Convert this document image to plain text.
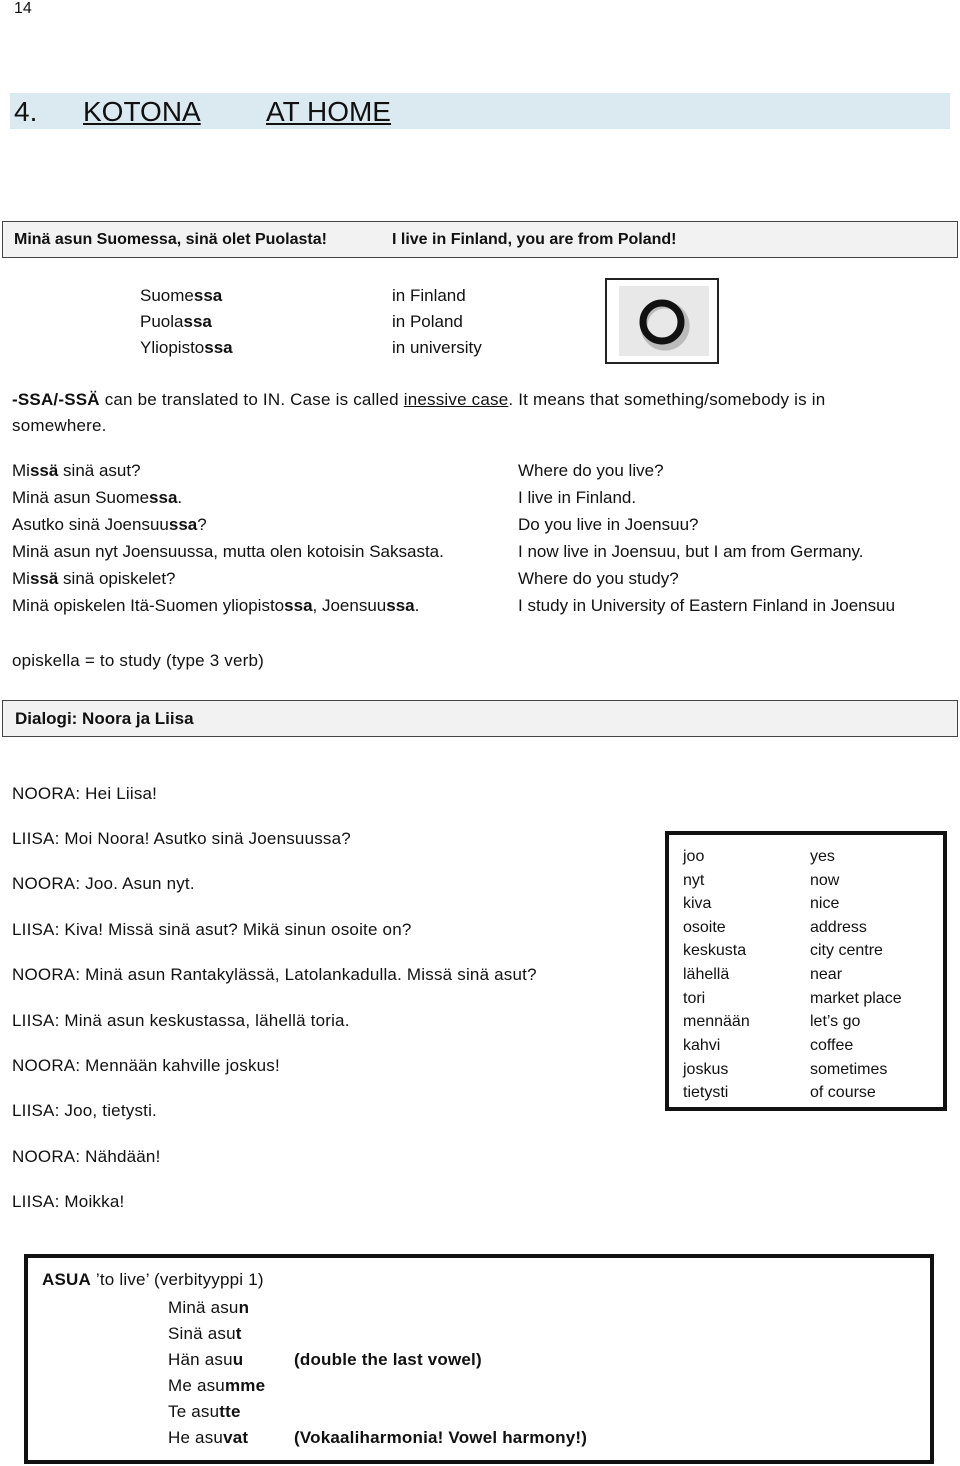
14
4. KOTONA AT HOME
Minä asun Suomessa, sinä olet Puolasta!	I live in Finland, you are from Poland!
Suomessa	in Finland
Puolassa	in Poland
Yliopistossa	in university
-SSA/-SSÄ can be translated to IN. Case is called inessive case. It means that something/somebody is in
somewhere.
Missä sinä asut?	Where do you live?
Minä asun Suomessa.	I live in Finland.
Asutko sinä Joensuussa?	Do you live in Joensuu?
Minä asun nyt Joensuussa, mutta olen kotoisin Saksasta.	I now live in Joensuu, but I am from Germany.
Missä sinä opiskelet?	Where do you study?
Minä opiskelen Itä-Suomen yliopistossa, Joensuussa.	I study in University of Eastern Finland in Joensuu
opiskella = to study (type 3 verb)
Dialogi: Noora ja Liisa
NOORA: Hei Liisa!
LIISA: Moi Noora! Asutko sinä Joensuussa?
NOORA: Joo. Asun nyt.
LIISA: Kiva! Missä sinä asut? Mikä sinun osoite on?
NOORA: Minä asun Rantakylässä, Latolankadulla. Missä sinä asut?
LIISA: Minä asun keskustassa, lähellä toria.
NOORA: Mennään kahville joskus!
LIISA: Joo, tietysti.
NOORA: Nähdään!
LIISA: Moikka!
joo	yes
nyt	now
kiva	nice
osoite	address
keskusta	city centre
lähellä	near
tori	market place
mennään	let’s go
kahvi	coffee
joskus	sometimes
tietysti	of course
ASUA ’to live’ (verbityyppi 1)
Minä asun
Sinä asut
Hän asuu	(double the last vowel)
Me asumme
Te asutte
He asuvat	(Vokaaliharmonia! Vowel harmony!)
